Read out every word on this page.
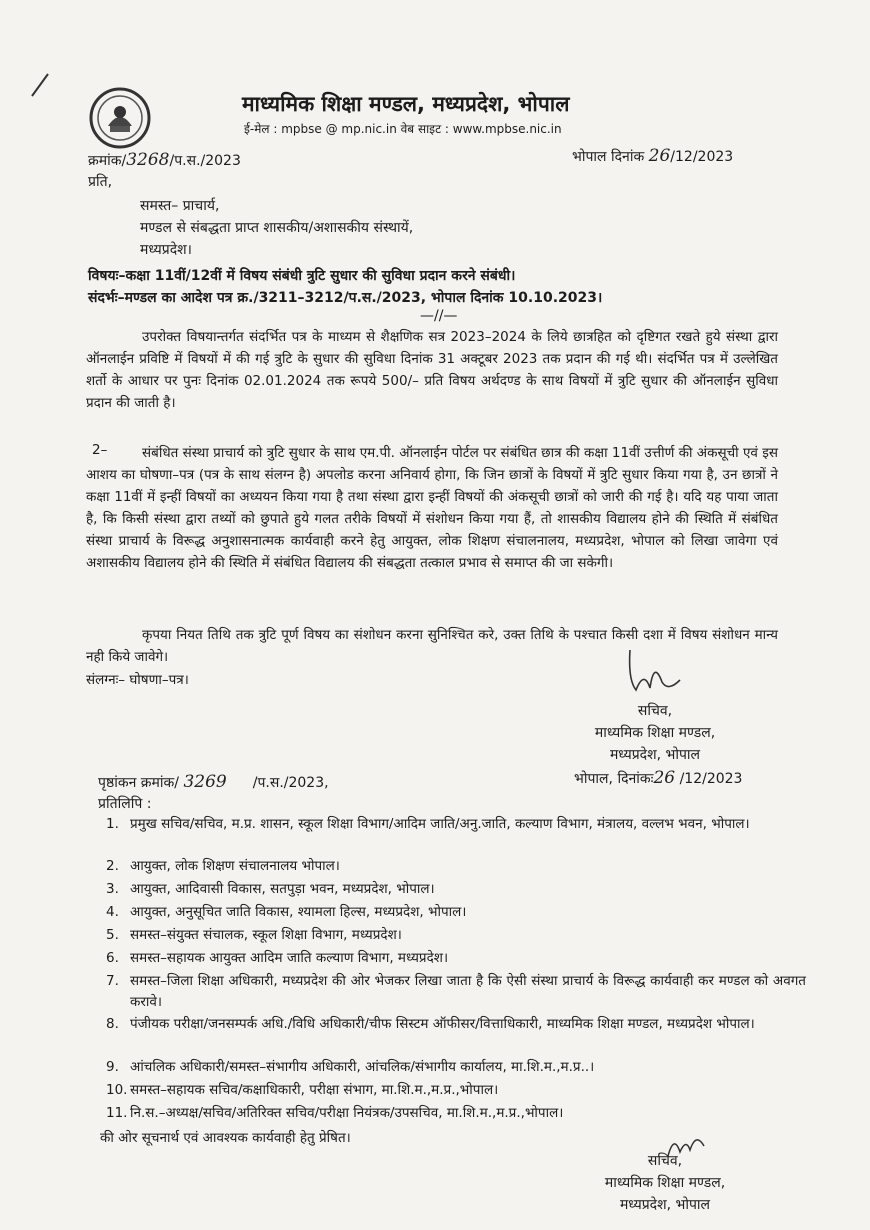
माध्यमिक शिक्षा मण्डल, मध्यप्रदेश, भोपाल
ई-मेल : mpbse @ mp.nic.in वेब साइट : www.mpbse.nic.in
क्रमांक/3268/प.स./2023	भोपाल दिनांक 26/12/2023
प्रति,
समस्त– प्राचार्य,
मण्डल से संबद्धता प्राप्त शासकीय/अशासकीय संस्थायें,
मध्यप्रदेश।
विषयः–कक्षा 11वीं/12वीं में विषय संबंधी त्रुटि सुधार की सुविधा प्रदान करने संबंधी।
संदर्भः–मण्डल का आदेश पत्र क्र./3211–3212/प.स./2023, भोपाल दिनांक 10.10.2023।
—//—
उपरोक्त विषयान्तर्गत संदर्भित पत्र के माध्यम से शैक्षणिक सत्र 2023–2024 के लिये छात्रहित को दृष्टिगत रखते हुये संस्था द्वारा ऑनलाईन प्रविष्टि में विषयों में की गई त्रुटि के सुधार की सुविधा दिनांक 31 अक्टूबर 2023 तक प्रदान की गई थी। संदर्भित पत्र में उल्लेखित शर्तो के आधार पर पुनः दिनांक 02.01.2024 तक रूपये 500/– प्रति विषय अर्थदण्ड के साथ विषयों में त्रुटि सुधार की ऑनलाईन सुविधा प्रदान की जाती है।
2–	संबंधित संस्था प्राचार्य को त्रुटि सुधार के साथ एम.पी. ऑनलाईन पोर्टल पर संबंधित छात्र की कक्षा 11वीं उत्तीर्ण की अंकसूची एवं इस आशय का घोषणा–पत्र (पत्र के साथ संलग्न है) अपलोड करना अनिवार्य होगा, कि जिन छात्रों के विषयों में त्रुटि सुधार किया गया है, उन छात्रों ने कक्षा 11वीं में इन्हीं विषयों का अध्ययन किया गया है तथा संस्था द्वारा इन्हीं विषयों की अंकसूची छात्रों को जारी की गई है। यदि यह पाया जाता है, कि किसी संस्था द्वारा तथ्यों को छुपाते हुये गलत तरीके विषयों में संशोधन किया गया हैं, तो शासकीय विद्यालय होने की स्थिति में संबंधित संस्था प्राचार्य के विरूद्ध अनुशासनात्मक कार्यवाही करने हेतु आयुक्त, लोक शिक्षण संचालनालय, मध्यप्रदेश, भोपाल को लिखा जावेगा एवं अशासकीय विद्यालय होने की स्थिति में संबंधित विद्यालय की संबद्धता तत्काल प्रभाव से समाप्त की जा सकेगी।
कृपया नियत तिथि तक त्रुटि पूर्ण विषय का संशोधन करना सुनिश्चित करे, उक्त तिथि के पश्चात किसी दशा में विषय संशोधन मान्य नही किये जावेगे।
संलग्नः– घोषणा–पत्र।
सचिव,
माध्यमिक शिक्षा मण्डल,
मध्यप्रदेश, भोपाल
पृष्ठांकन क्रमांक/ 3269 /प.स./2023,	भोपाल, दिनांकः26 /12/2023
प्रतिलिपि :
1. प्रमुख सचिव/सचिव, म.प्र. शासन, स्कूल शिक्षा विभाग/आदिम जाति/अनु.जाति, कल्याण विभाग, मंत्रालय, वल्लभ भवन, भोपाल।
2. आयुक्त, लोक शिक्षण संचालनालय भोपाल।
3. आयुक्त, आदिवासी विकास, सतपुड़ा भवन, मध्यप्रदेश, भोपाल।
4. आयुक्त, अनुसूचित जाति विकास, श्यामला हिल्स, मध्यप्रदेश, भोपाल।
5. समस्त–संयुक्त संचालक, स्कूल शिक्षा विभाग, मध्यप्रदेश।
6. समस्त–सहायक आयुक्त आदिम जाति कल्याण विभाग, मध्यप्रदेश।
7. समस्त–जिला शिक्षा अधिकारी, मध्यप्रदेश की ओर भेजकर लिखा जाता है कि ऐसी संस्था प्राचार्य के विरूद्ध कार्यवाही कर मण्डल को अवगत करावे।
8. पंजीयक परीक्षा/जनसम्पर्क अधि./विधि अधिकारी/चीफ सिस्टम ऑफीसर/वित्ताधिकारी, माध्यमिक शिक्षा मण्डल, मध्यप्रदेश भोपाल।
9. आंचलिक अधिकारी/समस्त–संभागीय अधिकारी, आंचलिक/संभागीय कार्यालय, मा.शि.म.,म.प्र..।
10. समस्त–सहायक सचिव/कक्षाधिकारी, परीक्षा संभाग, मा.शि.म.,म.प्र.,भोपाल।
11. नि.स.–अध्यक्ष/सचिव/अतिरिक्त सचिव/परीक्षा नियंत्रक/उपसचिव, मा.शि.म.,म.प्र.,भोपाल।
की ओर सूचनार्थ एवं आवश्यक कार्यवाही हेतु प्रेषित।
सचिव,
माध्यमिक शिक्षा मण्डल,
मध्यप्रदेश, भोपाल
